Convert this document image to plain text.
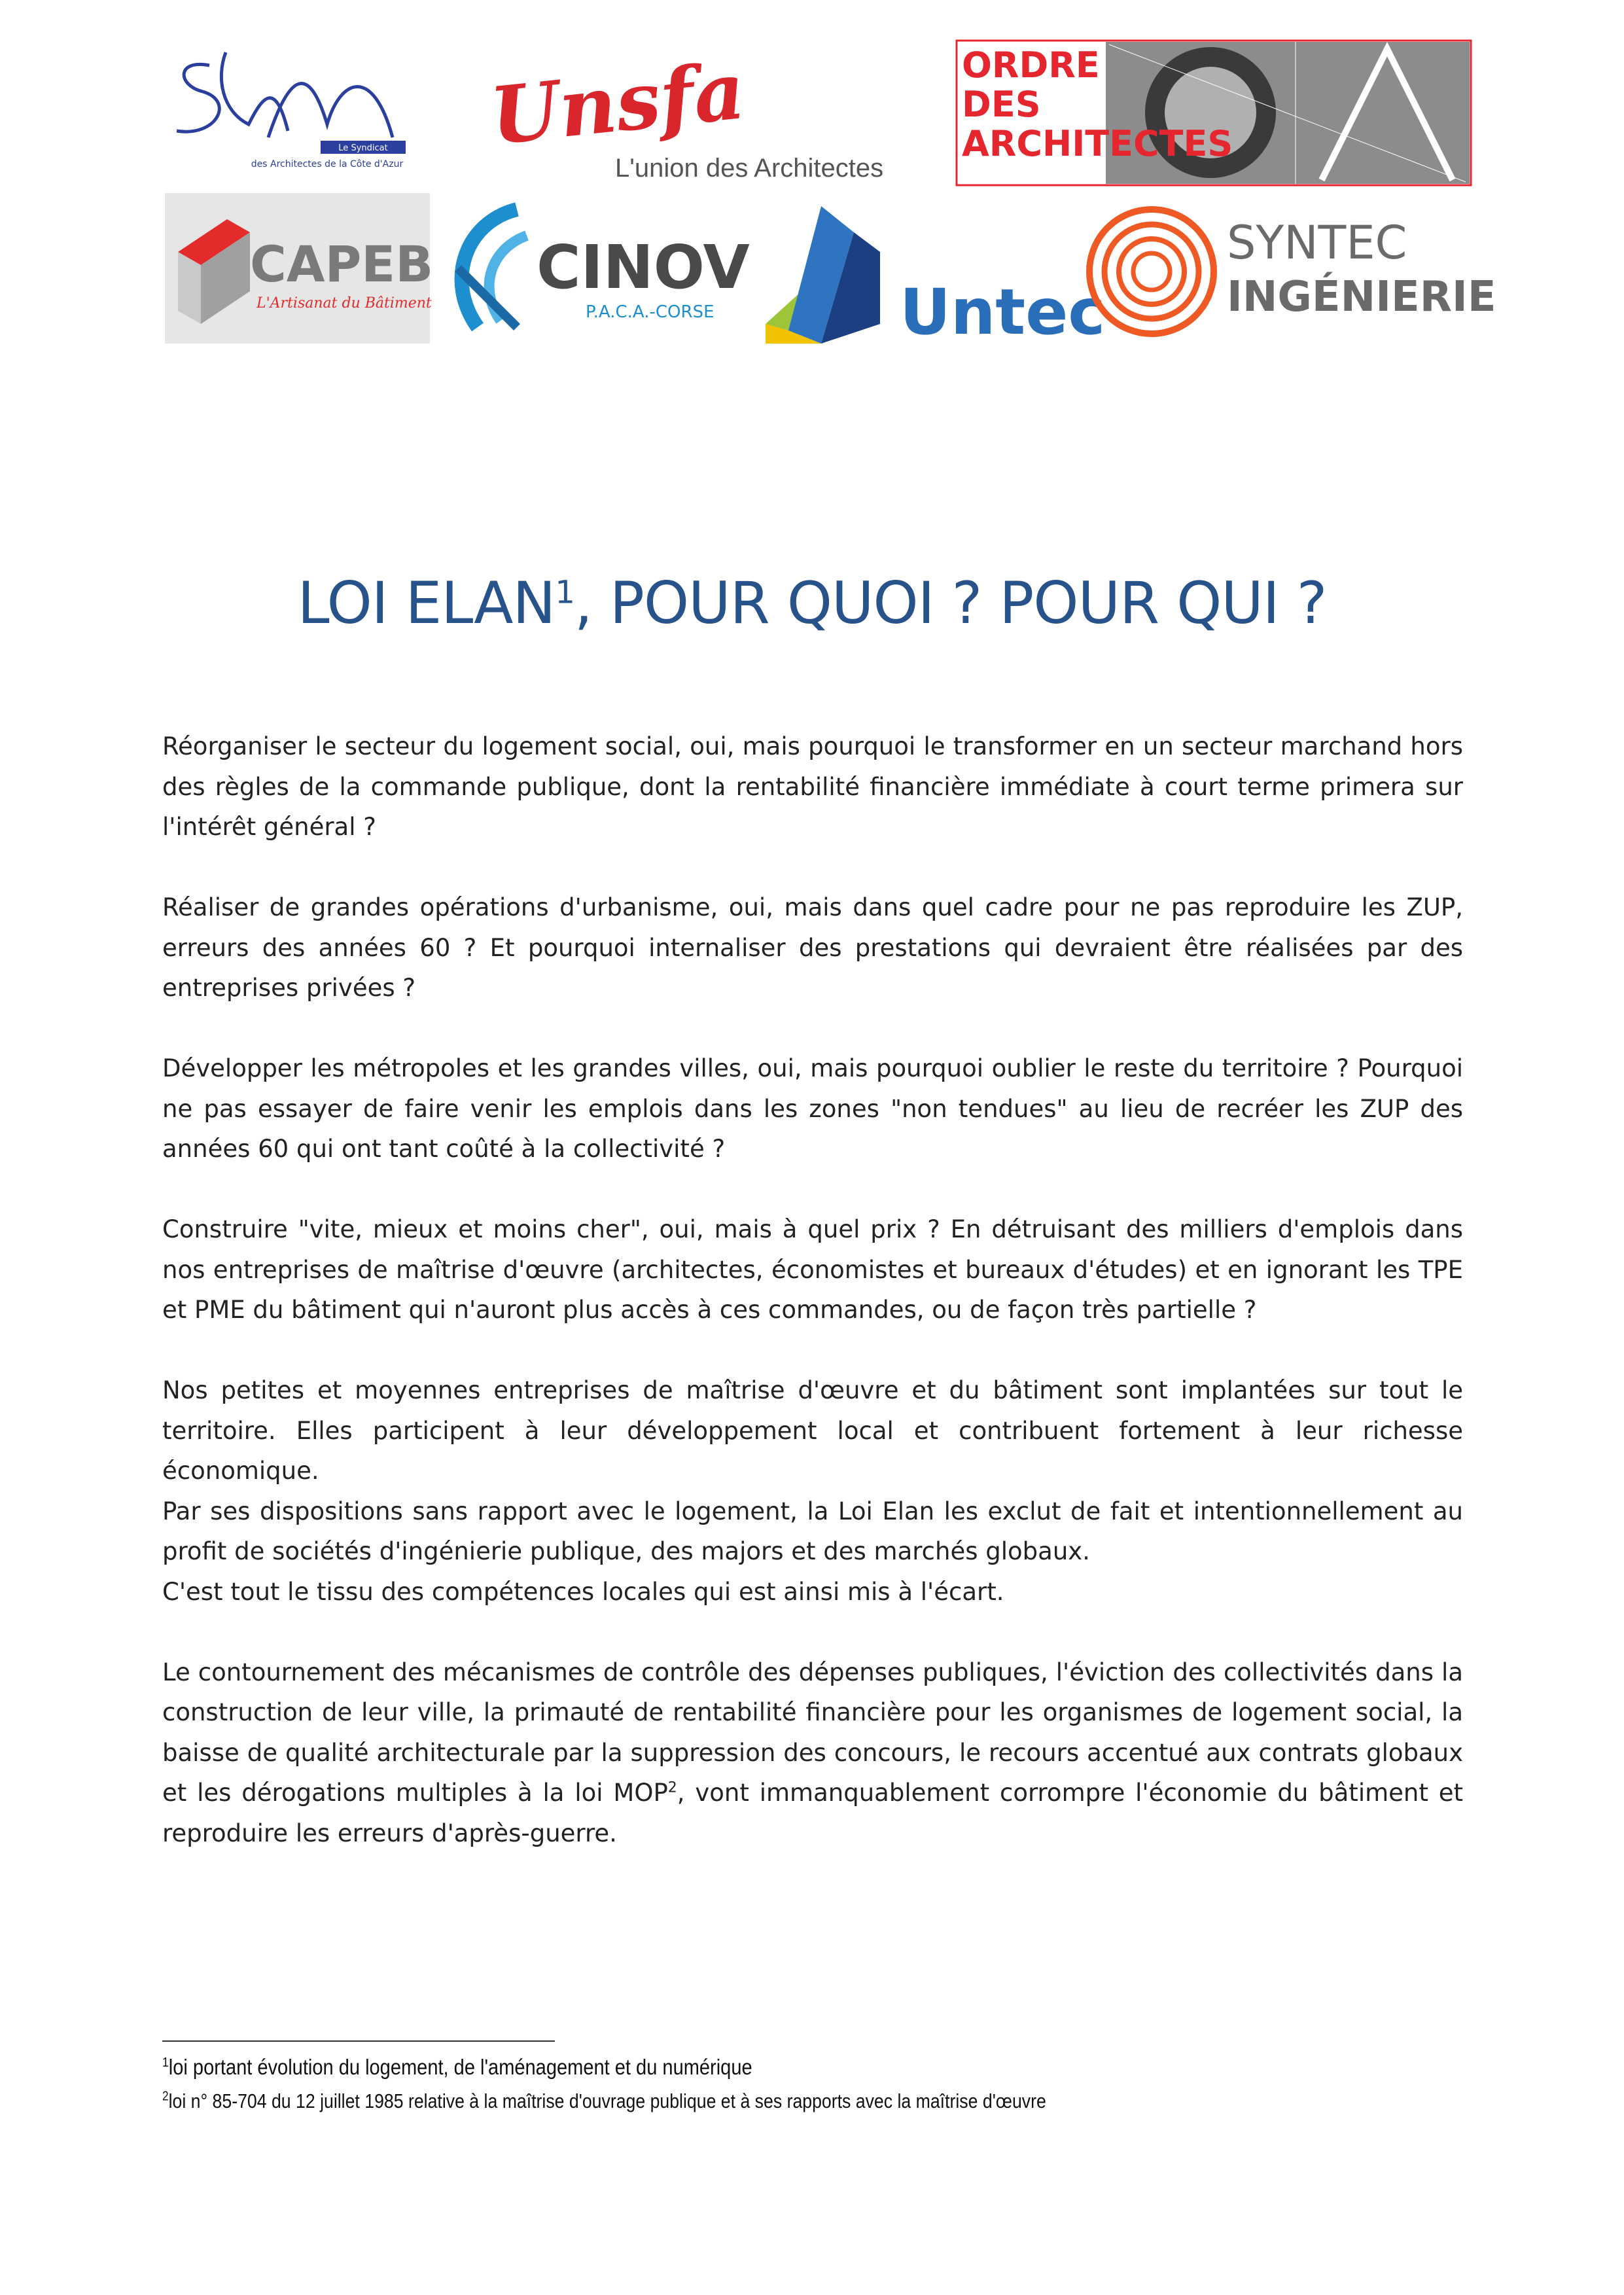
Le Syndicat
des Architectes de la Côte d'Azur
Unsfa
L'union des Architectes
ORDRE
DES
ARCHITECTES
CAPEB
L'Artisanat du Bâtiment
CINOV
P.A.C.A.-CORSE	Untec
SYNTEC
INGÉNIERIE
LOI ELAN$^1$, POUR QUOI ? POUR QUI ?

Réorganiser le secteur du logement social, oui, mais pourquoi le transformer en un secteur marchand hors des règles de la commande publique, dont la rentabilité financière immédiate à court terme primera sur l'intérêt général ?

Réaliser de grandes opérations d'urbanisme, oui, mais dans quel cadre pour ne pas reproduire les ZUP, erreurs des années 60 ? Et pourquoi internaliser des prestations qui devraient être réalisées par des entreprises privées ?

Développer les métropoles et les grandes villes, oui, mais pourquoi oublier le reste du territoire ? Pourquoi ne pas essayer de faire venir les emplois dans les zones "non tendues" au lieu de recréer les ZUP des années 60 qui ont tant coûté à la collectivité ?

Construire "vite, mieux et moins cher", oui, mais à quel prix ? En détruisant des milliers d'emplois dans nos entreprises de maîtrise d'œuvre (architectes, économistes et bureaux d'études) et en ignorant les TPE et PME du bâtiment qui n'auront plus accès à ces commandes, ou de façon très partielle ?

Nos petites et moyennes entreprises de maîtrise d'œuvre et du bâtiment sont implantées sur tout le territoire. Elles participent à leur développement local et contribuent fortement à leur richesse économique.

Par ses dispositions sans rapport avec le logement, la Loi Elan les exclut de fait et intentionnellement au profit de sociétés d'ingénierie publique, des majors et des marchés globaux.

C'est tout le tissu des compétences locales qui est ainsi mis à l'écart.

Le contournement des mécanismes de contrôle des dépenses publiques, l'éviction des collectivités dans la construction de leur ville, la primauté de rentabilité financière pour les organismes de logement social, la baisse de qualité architecturale par la suppression des concours, le recours accentué aux contrats globaux et les dérogations multiples à la loi MOP$^2$, vont immanquablement corrompre l'économie du bâtiment et reproduire les erreurs d'après-guerre.

$^1$loi portant évolution du logement, de l'aménagement et du numérique
$^2$loi n° 85-704 du 12 juillet 1985 relative à la maîtrise d'ouvrage publique et à ses rapports avec la maîtrise d'œuvre
